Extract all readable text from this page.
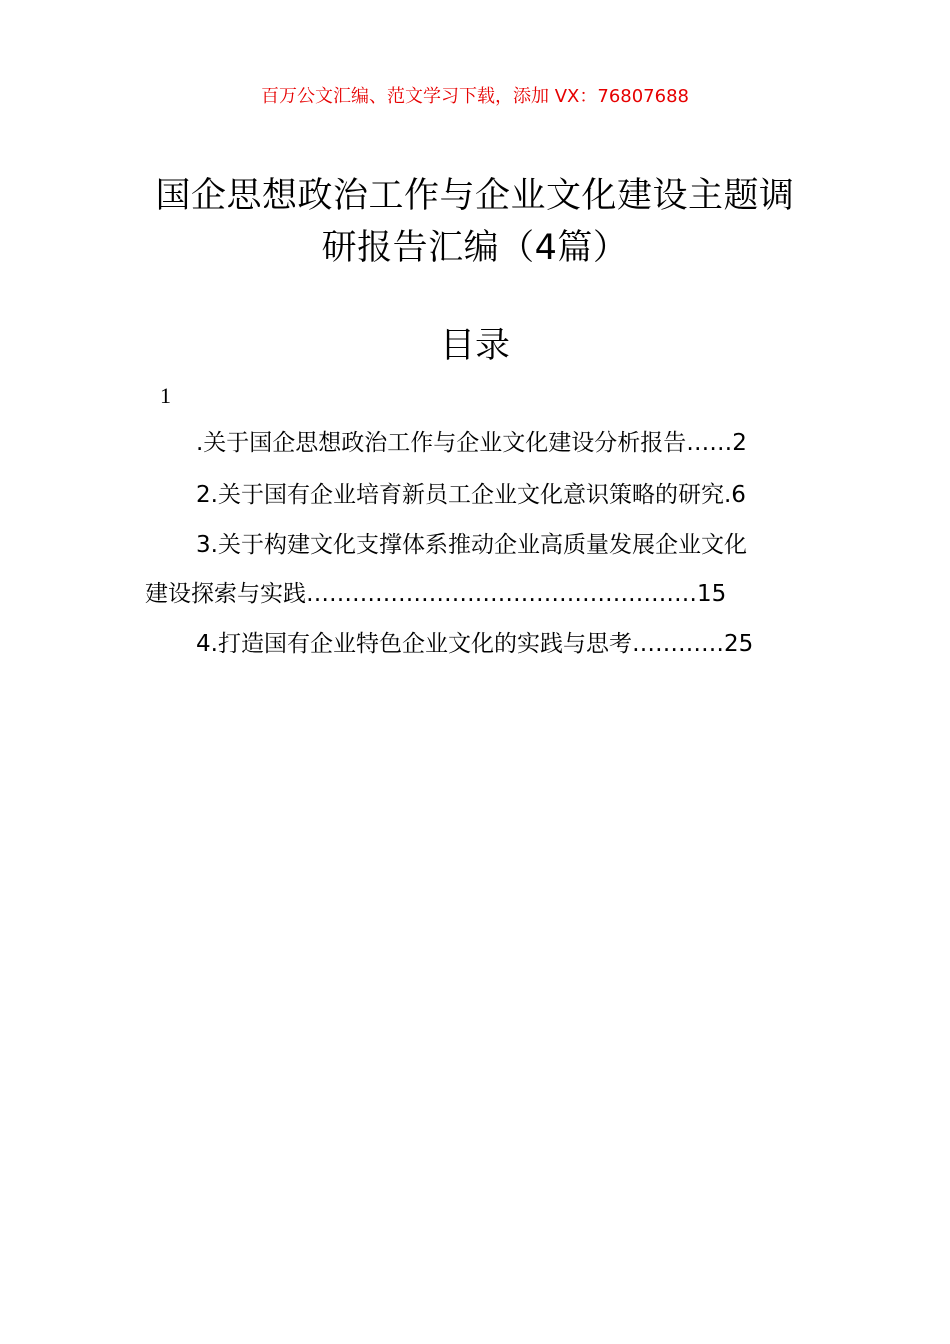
百万公文汇编、范文学习下载，添加 VX：76807688
国企思想政治工作与企业文化建设主题调
研报告汇编（4篇）
目录
1
.关于国企思想政治工作与企业文化建设分析报告……2
2.关于国有企业培育新员工企业文化意识策略的研究.6
3.关于构建文化支撑体系推动企业高质量发展企业文化
建设探索与实践……………………………………………15
4.打造国有企业特色企业文化的实践与思考…………25
